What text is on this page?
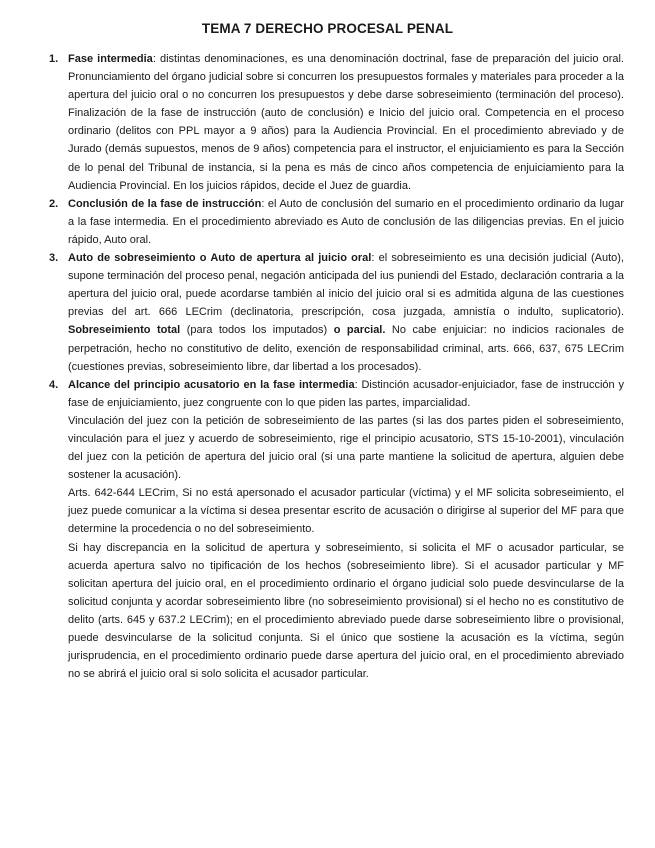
TEMA 7 DERECHO PROCESAL PENAL
1. Fase intermedia: distintas denominaciones, es una denominación doctrinal, fase de preparación del juicio oral. Pronunciamiento del órgano judicial sobre si concurren los presupuestos formales y materiales para proceder a la apertura del juicio oral o no concurren los presupuestos y debe darse sobreseimiento (terminación del proceso). Finalización de la fase de instrucción (auto de conclusión) e Inicio del juicio oral. Competencia en el proceso ordinario (delitos con PPL mayor a 9 años) para la Audiencia Provincial. En el procedimiento abreviado y de Jurado (demás supuestos, menos de 9 años) competencia para el instructor, el enjuiciamiento es para la Sección de lo penal del Tribunal de instancia, si la pena es más de cinco años competencia de enjuiciamiento para la Audiencia Provincial. En los juicios rápidos, decide el Juez de guardia.

2. Conclusión de la fase de instrucción: el Auto de conclusión del sumario en el procedimiento ordinario da lugar a la fase intermedia. En el procedimiento abreviado es Auto de conclusión de las diligencias previas. En el juicio rápido, Auto oral.

3. Auto de sobreseimiento o Auto de apertura al juicio oral: el sobreseimiento es una decisión judicial (Auto), supone terminación del proceso penal, negación anticipada del ius puniendi del Estado, declaración contraria a la apertura del juicio oral, puede acordarse también al inicio del juicio oral si es admitida alguna de las cuestiones previas del art. 666 LECrim (declinatoria, prescripción, cosa juzgada, amnistía o indulto, suplicatorio). Sobreseimiento total (para todos los imputados) o parcial. No cabe enjuiciar: no indicios racionales de perpetración, hecho no constitutivo de delito, exención de responsabilidad criminal, arts. 666, 637, 675 LECrim (cuestiones previas, sobreseimiento libre, dar libertad a los procesados).

4. Alcance del principio acusatorio en la fase intermedia: Distinción acusador-enjuiciador, fase de instrucción y fase de enjuiciamiento, juez congruente con lo que piden las partes, imparcialidad.

Vinculación del juez con la petición de sobreseimiento de las partes (si las dos partes piden el sobreseimiento, vinculación para el juez y acuerdo de sobreseimiento, rige el principio acusatorio, STS 15-10-2001), vinculación del juez con la petición de apertura del juicio oral (si una parte mantiene la solicitud de apertura, alguien debe sostener la acusación).

Arts. 642-644 LECrim, Si no está apersonado el acusador particular (víctima) y el MF solicita sobreseimiento, el juez puede comunicar a la víctima si desea presentar escrito de acusación o dirigirse al superior del MF para que determine la procedencia o no del sobreseimiento.

Si hay discrepancia en la solicitud de apertura y sobreseimiento, si solicita el MF o acusador particular, se acuerda apertura salvo no tipificación de los hechos (sobreseimiento libre). Si el acusador particular y MF solicitan apertura del juicio oral, en el procedimiento ordinario el órgano judicial solo puede desvincularse de la solicitud conjunta y acordar sobreseimiento libre (no sobreseimiento provisional) si el hecho no es constitutivo de delito (arts. 645 y 637.2 LECrim); en el procedimiento abreviado puede darse sobreseimiento libre o provisional, puede desvincularse de la solicitud conjunta. Si el único que sostiene la acusación es la víctima, según jurisprudencia, en el procedimiento ordinario puede darse apertura del juicio oral, en el procedimiento abreviado no se abrirá el juicio oral si solo solicita el acusador particular.
